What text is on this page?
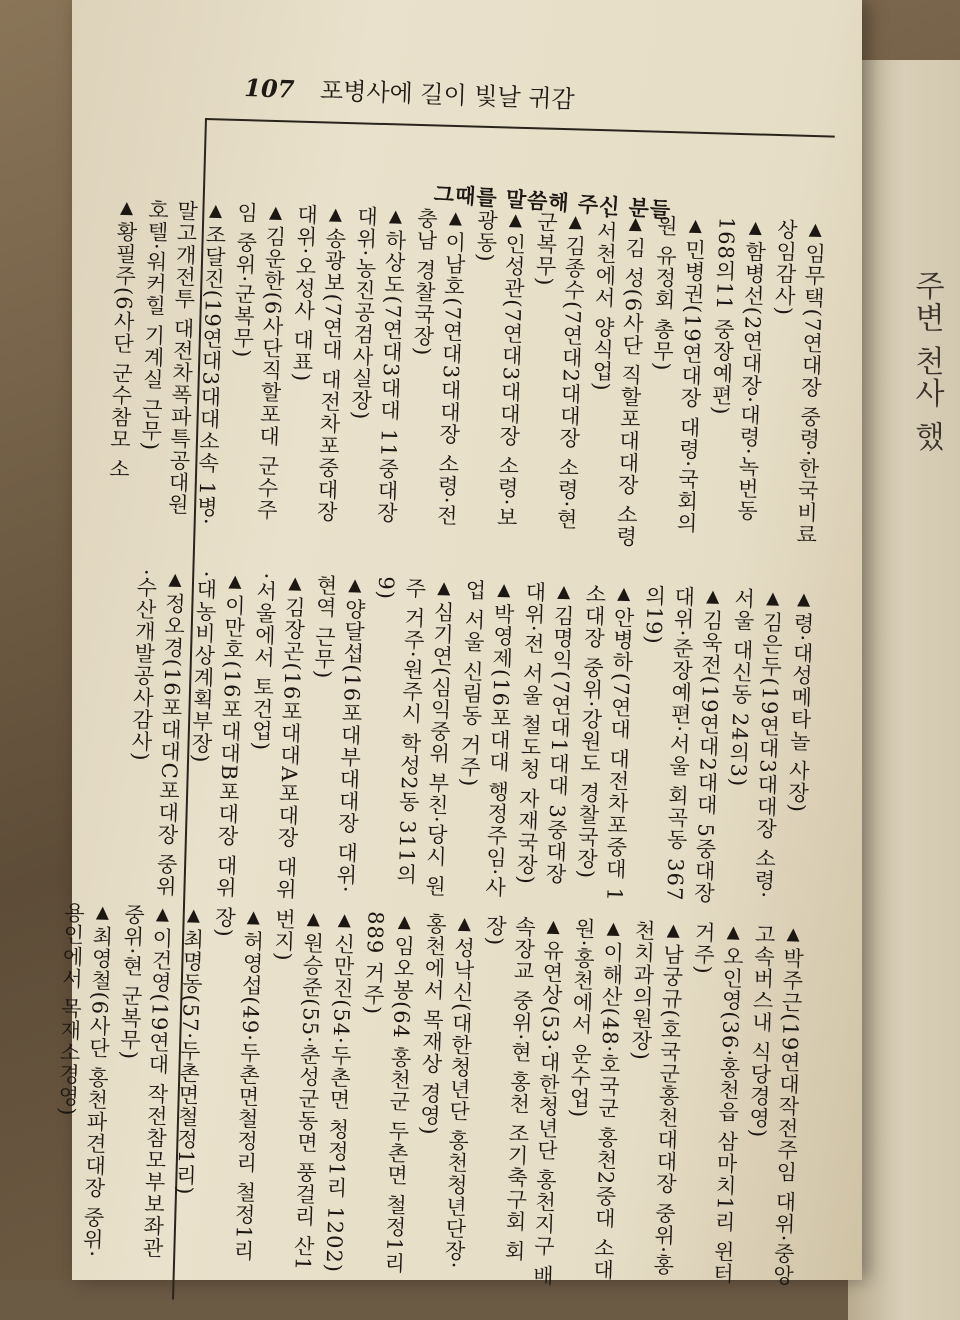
주변 천사 했
107 포병사에 길이 빛날 귀감
그때를 말씀해 주신 분들
▲ 임무택(7연대장 중령·한국비료 상임감사)
▲ 함병선(2연대장·대령·녹번동168의11 중장예편)
▲ 민병권(19연대장 대령·국회의원 유정회 총무)
▲ 김 성(6사단 직할포대대장 소령·서천에서 양식업)
▲ 김종수(7연대2대대장 소령·현 군복무)
▲ 인성관(7연대3대대장 소령·보광동)
▲ 이남호(7연대3대대장 소령·전 충남 경찰국장)
▲ 하상도(7연대3대대 11중대장 대위·농진공검사실장)
▲ 송광보(7연대 대전차포중대장 대위·오성사 대표)
▲ 김운한(6사단직할포대 군수주임 중위·군복무)
▲ 조달진(19연대3대대소속 1병·말고개전투 대전차폭파특공대원 호텔·워커힐 기계실 근무)
▲ 황필주(6사단 군수참모 소
▲ 령·대성메타놀 사장)
▲ 김은두(19연대3대대장 소령·서울 대신동 24의3)
▲ 김욱전(19연대2대대 5중대장 대위·준장예편·서울 회곡동 367의19)
▲ 안병하(7연대 대전차포중대 1소대장 중위·강원도 경찰국장)
▲ 김명익(7연대1대대 3중대장 대위·전 서울 철도청 자재국장)
▲ 박영제(16포대대 행정주임·사업 서울 신림동 거주)
▲ 심기연(심익중위 부친·당시 원주 거주·원주시 학성2동 311의9)
▲ 양달섭(16포대부대대장 대위·현역 근무)
▲ 김장곤(16포대대A포대장 대위·서울에서 토건업)
▲ 이만호(16포대대B포대장 대위·대농비상계획부장)
▲ 정오경(16포대대C포대장 중위·수산개발공사감사)
▲ 박주근(19연대작전주임 대위·중앙고속버스내 식당경영)
▲ 오인영(36·홍천읍 삼마치1리 윈터거주)
▲ 남궁규(호국군홍천대대장 중위·홍천치과의원장)
▲ 이해산(48·호국군 홍천2중대 소대원·홍천에서 운수업)
▲ 유연상(53·대한청년단 홍천지구 배속장교 중위·현 홍천 조기축구회 회장)
▲ 성낙신(대한청년단 홍천청년단장·홍천에서 목재상 경영)
▲ 임오봉(64 홍천군 두촌면 철정1리 889 거주)
▲ 신만진(54·두촌면 청정1리 1202)
▲ 원승준(55·춘성군동면 풍걸리 산1번지)
▲ 허영섭(49·두촌면철정리 철정1리장)
▲ 최명동(57·두촌면철정1리)
▲ 이건영(19연대 작전참모부보좌관 중위·현 군복무)
▲ 최영철(6사단 홍천파견대장 중위·용인에서 목재소경영)
